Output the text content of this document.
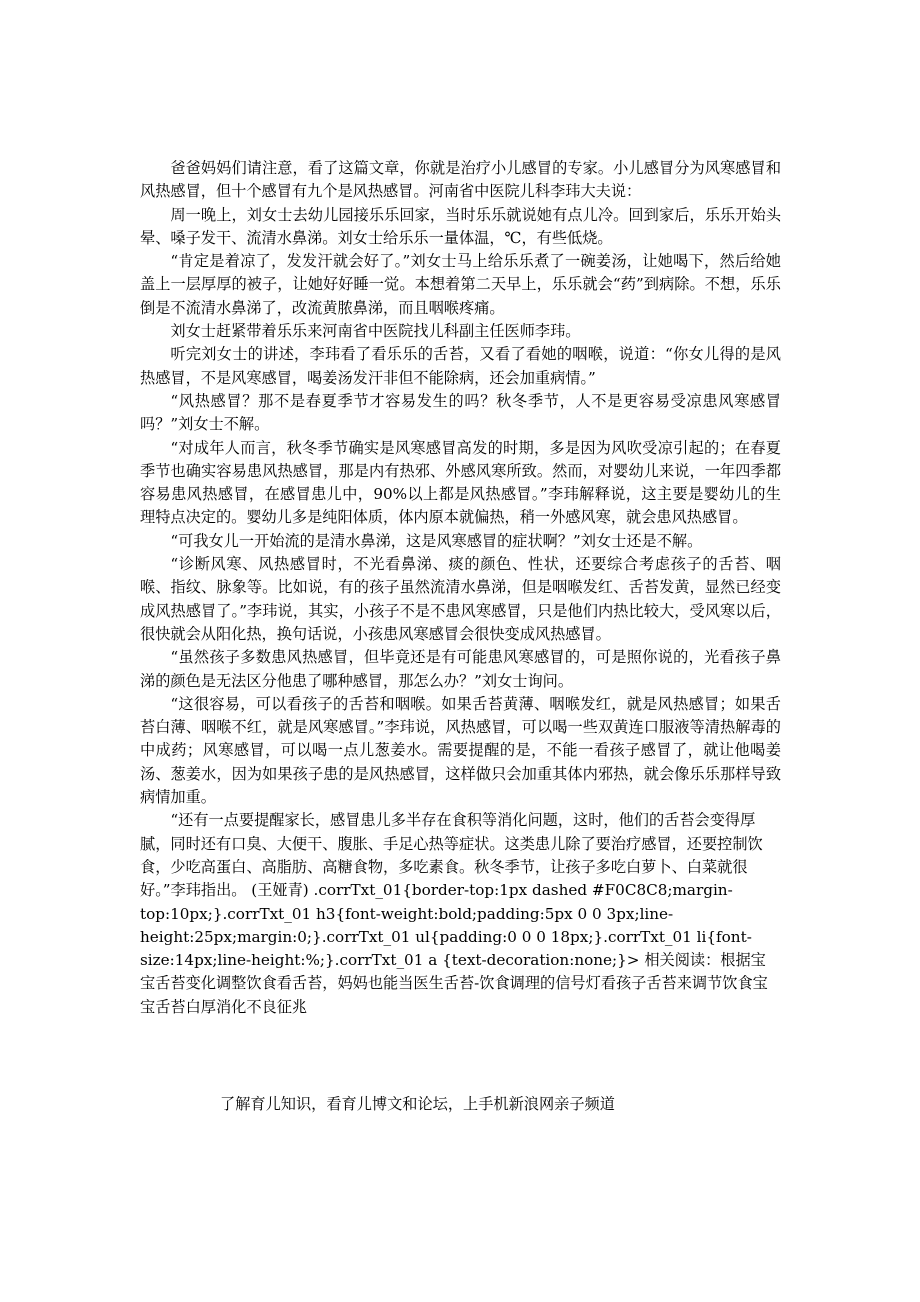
爸爸妈妈们请注意，看了这篇文章，你就是治疗小儿感冒的专家。小儿感冒分为风寒感冒和风热感冒，但十个感冒有九个是风热感冒。河南省中医院儿科李玮大夫说：

周一晚上，刘女士去幼儿园接乐乐回家，当时乐乐就说她有点儿冷。回到家后，乐乐开始头晕、嗓子发干、流清水鼻涕。刘女士给乐乐一量体温，℃，有些低烧。

“肯定是着凉了，发发汗就会好了。”刘女士马上给乐乐煮了一碗姜汤，让她喝下，然后给她盖上一层厚厚的被子，让她好好睡一觉。本想着第二天早上，乐乐就会“药”到病除。不想，乐乐倒是不流清水鼻涕了，改流黄脓鼻涕，而且咽喉疼痛。

刘女士赶紧带着乐乐来河南省中医院找儿科副主任医师李玮。

听完刘女士的讲述，李玮看了看乐乐的舌苔，又看了看她的咽喉，说道：“你女儿得的是风热感冒，不是风寒感冒，喝姜汤发汗非但不能除病，还会加重病情。”

“风热感冒？那不是春夏季节才容易发生的吗？秋冬季节，人不是更容易受凉患风寒感冒吗？”刘女士不解。

“对成年人而言，秋冬季节确实是风寒感冒高发的时期，多是因为风吹受凉引起的；在春夏季节也确实容易患风热感冒，那是内有热邪、外感风寒所致。然而，对婴幼儿来说，一年四季都容易患风热感冒，在感冒患儿中，90%以上都是风热感冒。”李玮解释说，这主要是婴幼儿的生理特点决定的。婴幼儿多是纯阳体质，体内原本就偏热，稍一外感风寒，就会患风热感冒。

“可我女儿一开始流的是清水鼻涕，这是风寒感冒的症状啊？”刘女士还是不解。

“诊断风寒、风热感冒时，不光看鼻涕、痰的颜色、性状，还要综合考虑孩子的舌苔、咽喉、指纹、脉象等。比如说，有的孩子虽然流清水鼻涕，但是咽喉发红、舌苔发黄，显然已经变成风热感冒了。”李玮说，其实，小孩子不是不患风寒感冒，只是他们内热比较大，受风寒以后，很快就会从阳化热，换句话说，小孩患风寒感冒会很快变成风热感冒。

“虽然孩子多数患风热感冒，但毕竟还是有可能患风寒感冒的，可是照你说的，光看孩子鼻涕的颜色是无法区分他患了哪种感冒，那怎么办？”刘女士询问。

“这很容易，可以看孩子的舌苔和咽喉。如果舌苔黄薄、咽喉发红，就是风热感冒；如果舌苔白薄、咽喉不红，就是风寒感冒。”李玮说，风热感冒，可以喝一些双黄连口服液等清热解毒的中成药；风寒感冒，可以喝一点儿葱姜水。需要提醒的是，不能一看孩子感冒了，就让他喝姜汤、葱姜水，因为如果孩子患的是风热感冒，这样做只会加重其体内邪热，就会像乐乐那样导致病情加重。

“还有一点要提醒家长，感冒患儿多半存在食积等消化问题，这时，他们的舌苔会变得厚腻，同时还有口臭、大便干、腹胀、手足心热等症状。这类患儿除了要治疗感冒，还要控制饮食，少吃高蛋白、高脂肪、高糖食物，多吃素食。秋冬季节，让孩子多吃白萝卜、白菜就很好。”李玮指出。 (王娅青) .corrTxt_01{border-top:1px dashed #F0C8C8;margin-top:10px;}.corrTxt_01 h3{font-weight:bold;padding:5px 0 0 3px;line-height:25px;margin:0;}.corrTxt_01 ul{padding:0 0 0 18px;}.corrTxt_01 li{font-size:14px;line-height:%;}.corrTxt_01 a {text-decoration:none;}> 相关阅读：根据宝宝舌苔变化调整饮食看舌苔，妈妈也能当医生舌苔-饮食调理的信号灯看孩子舌苔来调节饮食宝宝舌苔白厚消化不良征兆

了解育儿知识，看育儿博文和论坛，上手机新浪网亲子频道
